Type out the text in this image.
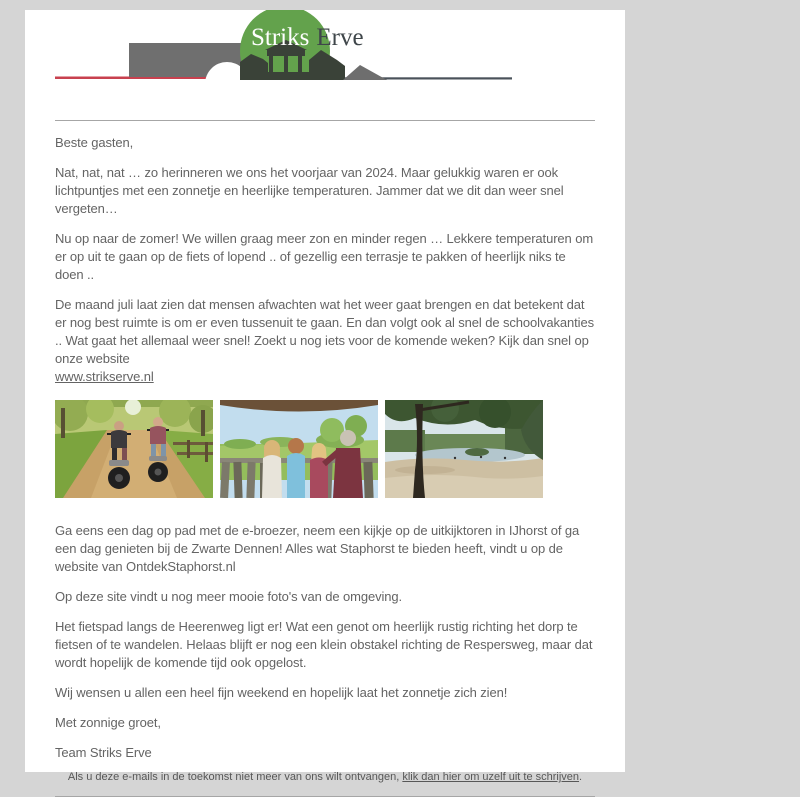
Striks Erve
Beste gasten,
Nat, nat, nat … zo herinneren we ons het voorjaar van 2024. Maar gelukkig waren er ook lichtpuntjes met een zonnetje en heerlijke temperaturen. Jammer dat we dit dan weer snel vergeten…
Nu op naar de zomer! We willen graag meer zon en minder regen … Lekkere temperaturen om er op uit te gaan op de fiets of lopend .. of gezellig een terrasje te pakken of heerlijk niks te doen ..
De maand juli laat zien dat mensen afwachten wat het weer gaat brengen en dat betekent dat er nog best ruimte is om er even tussenuit te gaan. En dan volgt ook al snel de schoolvakanties .. Wat gaat het allemaal weer snel! Zoekt u nog iets voor de komende weken? Kijk dan snel op onze website
www.strikserve.nl
Ga eens een dag op pad met de e-broezer, neem een kijkje op de uitkijktoren in IJhorst of ga een dag genieten bij de Zwarte Dennen! Alles wat Staphorst te bieden heeft, vindt u op de website van OntdekStaphorst.nl
Op deze site vindt u nog meer mooie foto's van de omgeving.
Het fietspad langs de Heerenweg ligt er! Wat een genot om heerlijk rustig richting het dorp te fietsen of te wandelen. Helaas blijft er nog een klein obstakel richting de Respersweg, maar dat wordt hopelijk de komende tijd ook opgelost.
Wij wensen u allen een heel fijn weekend en hopelijk laat het zonnetje zich zien!
Met zonnige groet,
Team Striks Erve
Als u deze e-mails in de toekomst niet meer van ons wilt ontvangen, klik dan hier om uzelf uit te schrijven.
